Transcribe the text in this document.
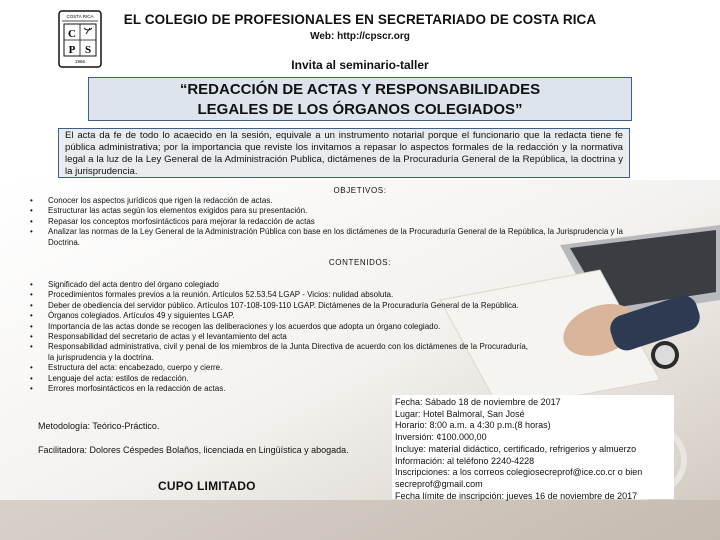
COSTA RICA
C
P S
1966
EL COLEGIO DE PROFESIONALES EN SECRETARIADO DE COSTA RICA
Web: http://cpscr.org
Invita al seminario-taller
“REDACCIÓN DE ACTAS Y RESPONSABILIDADES
LEGALES DE LOS ÓRGANOS COLEGIADOS”
El acta da fe de todo lo acaecido en la sesión, equivale a un instrumento notarial porque el funcionario que la redacta tiene fe pública administrativa; por la importancia que reviste los invitamos a repasar lo aspectos formales de la redacción y la normativa legal a la luz de la Ley General de la Administración Publica, dictámenes de la Procuraduría General de la República, la doctrina y la jurisprudencia.
OBJETIVOS:
• Conocer los aspectos jurídicos que rigen la redacción de actas.
• Estructurar las actas según los elementos exigidos para su presentación.
• Repasar los conceptos morfosintácticos para mejorar la redacción de actas
• Analizar las normas de la Ley General de la Administración Pública con base en los dictámenes de la Procuraduría General de la República, la Jurisprudencia y la Doctrina.
CONTENIDOS:
• Significado del acta dentro del órgano colegiado
• Procedimientos formales previos a la reunión. Artículos 52.53.54 LGAP - Vicios: nulidad absoluta.
• Deber de obediencia del servidor público. Artículos 107-108-109-110 LGAP. Dictámenes de la Procuraduría General de la República.
• Órganos colegiados. Artículos 49 y siguientes LGAP.
• Importancia de las actas donde se recogen las deliberaciones y los acuerdos que adopta un órgano colegiado.
• Responsabilidad del secretario de actas y el levantamiento del acta
• Responsabilidad administrativa, civil y penal de los miembros de la Junta Directiva de acuerdo con los dictámenes de la Procuraduría, la jurisprudencia y la doctrina.
• Estructura del acta: encabezado, cuerpo y cierre.
• Lenguaje del acta: estilos de redacción.
• Errores morfosintácticos en la redacción de actas.
Metodología: Teórico-Práctico.
Facilitadora: Dolores Céspedes Bolaños, licenciada en Lingüística y abogada.
CUPO LIMITADO
Fecha: Sábado 18 de noviembre de 2017
Lugar: Hotel Balmoral, San José
Horario: 8:00 a.m. a 4:30 p.m.(8 horas)
Inversión: ¢100.000,00
Incluye: material didáctico, certificado, refrigerios y almuerzo
Información: al teléfono 2240-4228
Inscripciones: a los correos colegiosecreprof@ice.co.cr o bien secreprof@gmail.com
Fecha límite de inscripción: jueves 16 de noviembre de 2017
